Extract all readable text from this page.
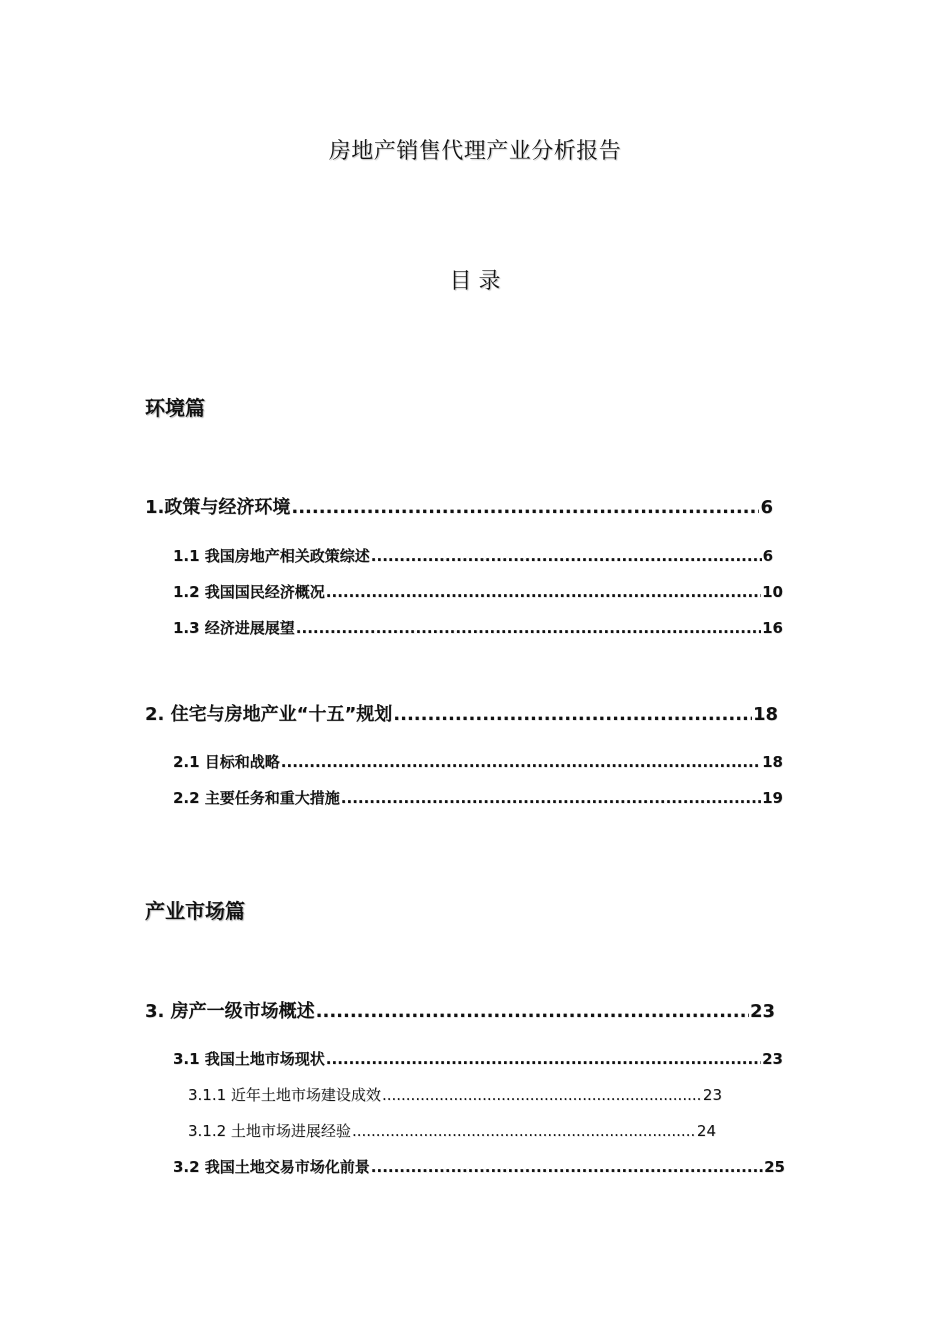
房地产销售代理产业分析报告
目 录
环境篇
1.政策与经济环境 .....	6
1.1 我国房地产相关政策综述 .....	6
1.2 我国国民经济概况 .....	10
1.3 经济进展展望 .....	16
2. 住宅与房地产业“十五”规划 .....	18
2.1 目标和战略 .....	18
2.2 主要任务和重大措施 .....	19
产业市场篇
3. 房产一级市场概述 .....	23
3.1 我国土地市场现状 .....	23
3.1.1 近年土地市场建设成效 .....	23
3.1.2 土地市场进展经验 .....	24
3.2 我国土地交易市场化前景 .....	25
